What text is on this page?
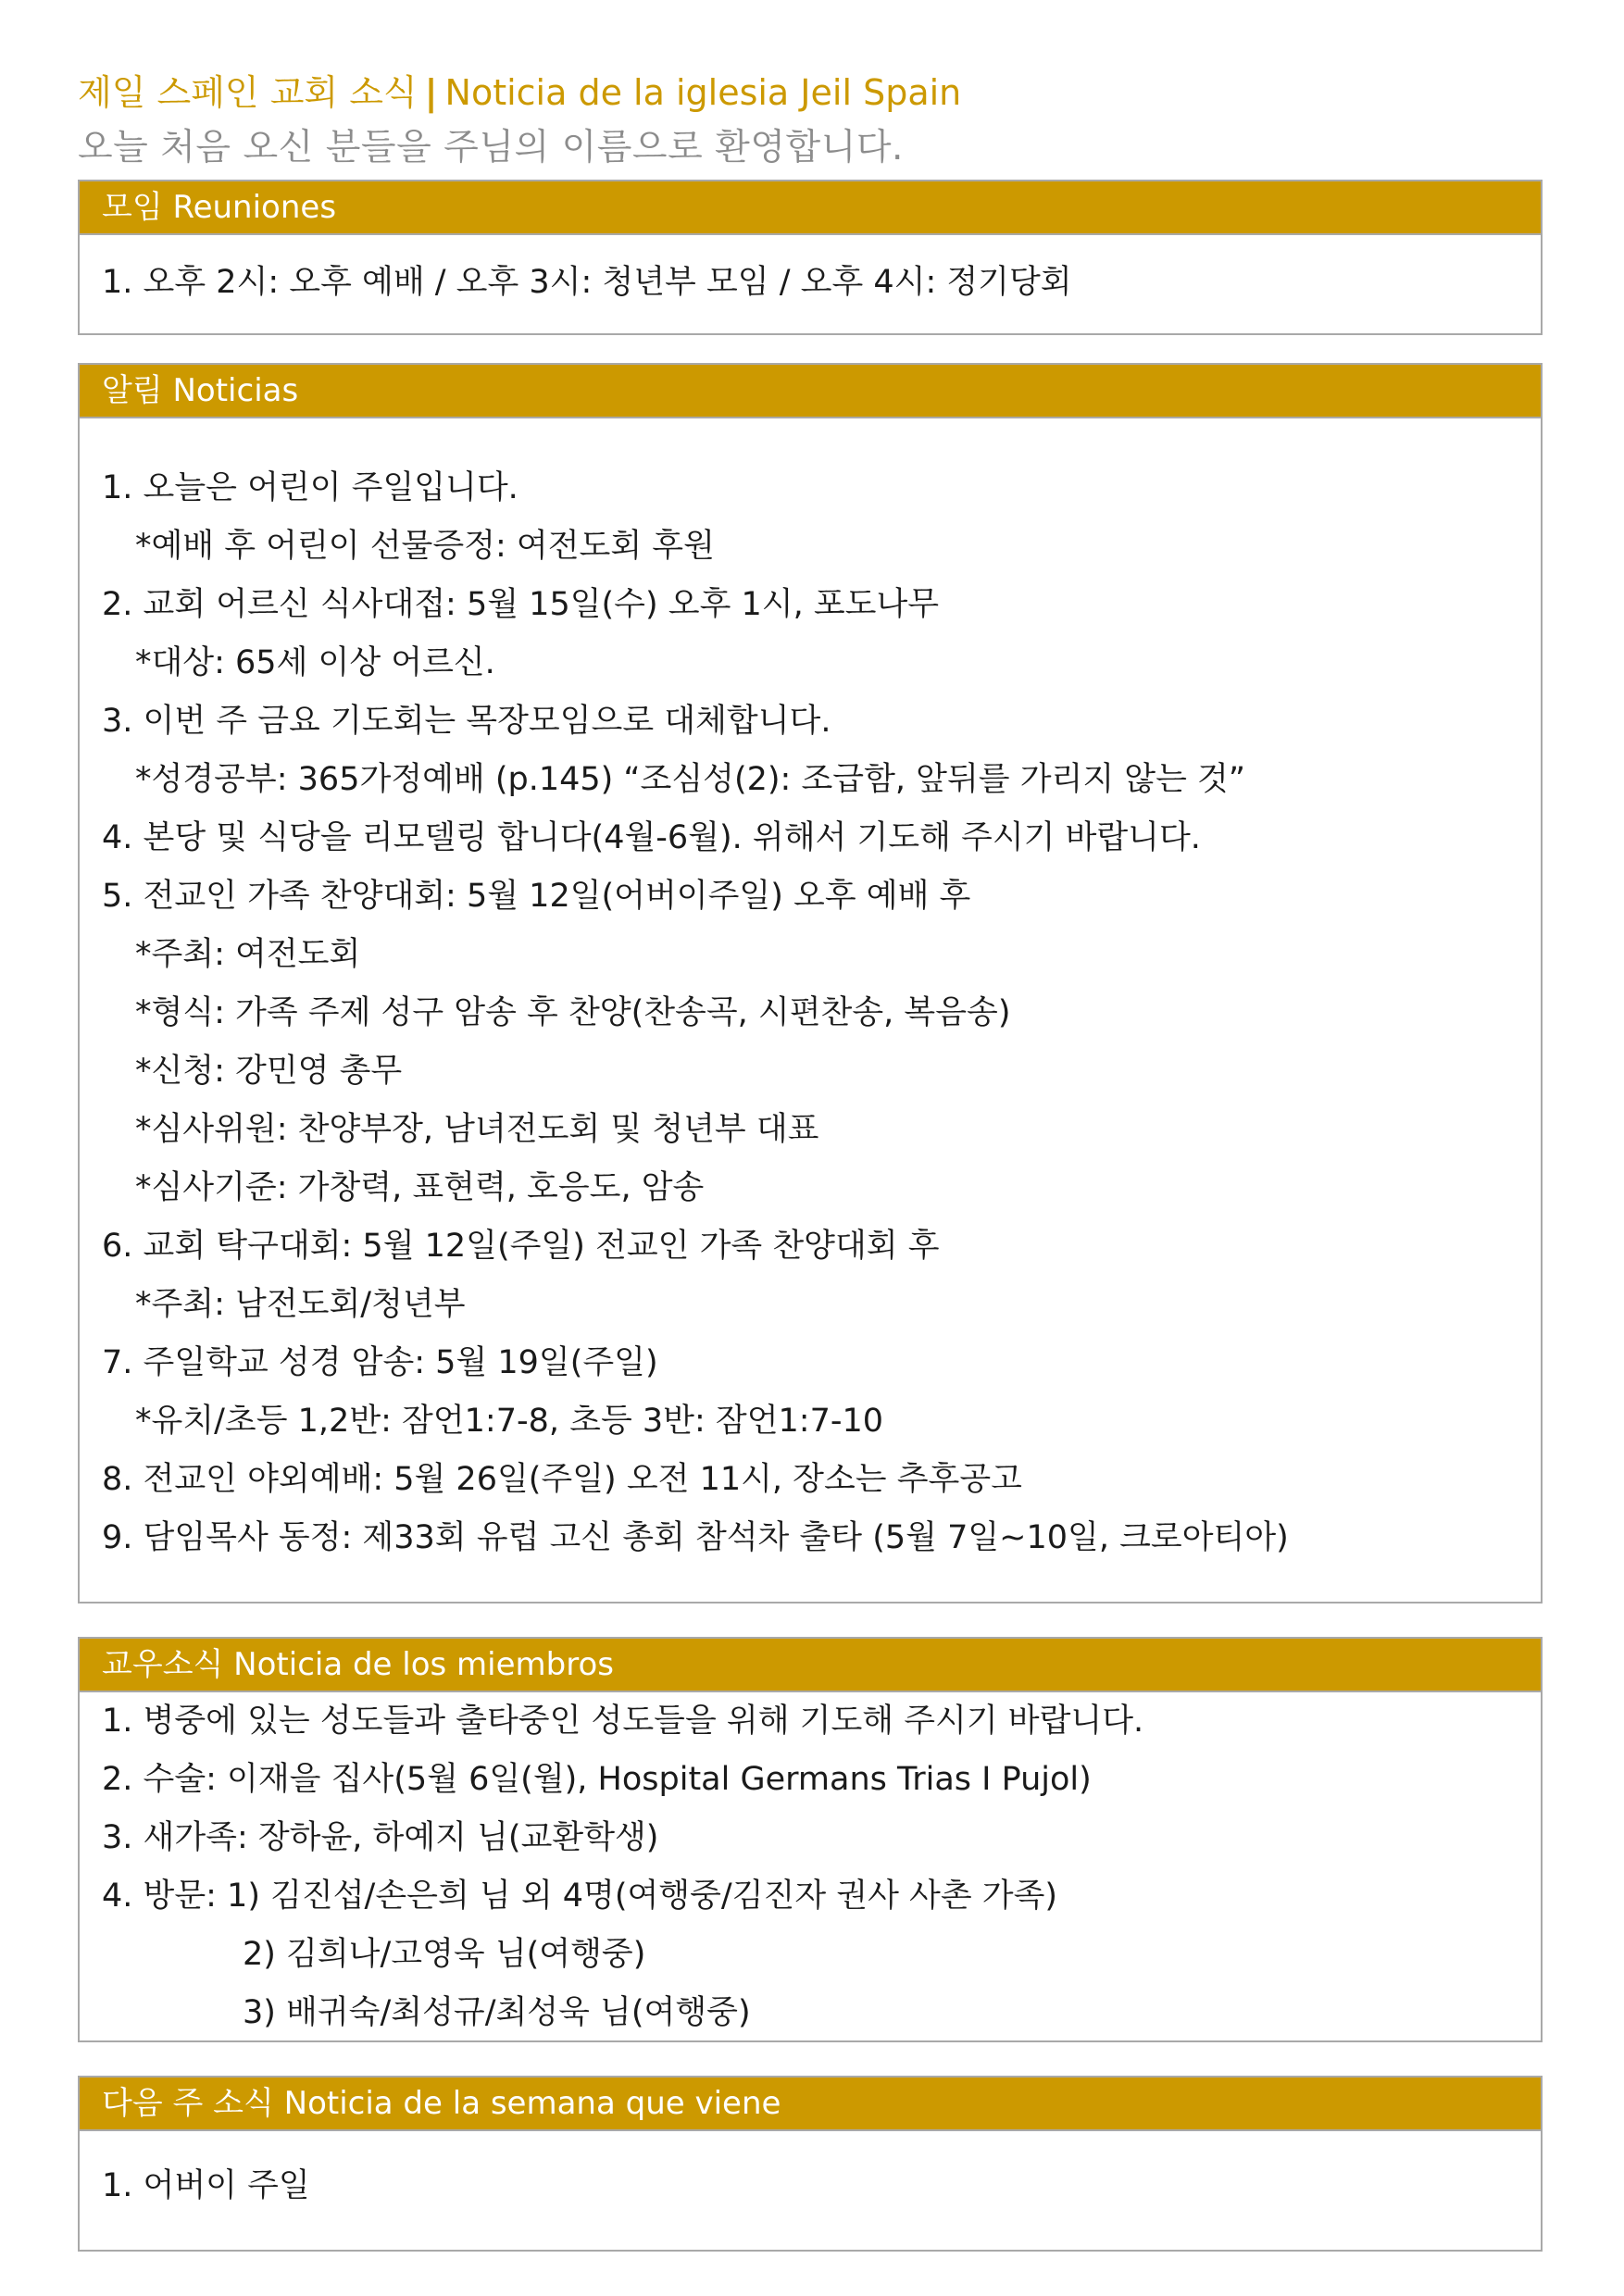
제일 스페인 교회 소식 | Noticia de la iglesia Jeil Spain
오늘 처음 오신 분들을 주님의 이름으로 환영합니다.
모임 Reuniones
1. 오후 2시: 오후 예배 / 오후 3시: 청년부 모임 / 오후 4시: 정기당회
알림 Noticias
1. 오늘은 어린이 주일입니다.
*예배 후 어린이 선물증정: 여전도회 후원
2. 교회 어르신 식사대접: 5월 15일(수) 오후 1시, 포도나무
*대상: 65세 이상 어르신.
3. 이번 주 금요 기도회는 목장모임으로 대체합니다.
*성경공부: 365가정예배 (p.145) “조심성(2): 조급함, 앞뒤를 가리지 않는 것”
4. 본당 및 식당을 리모델링 합니다(4월-6월). 위해서 기도해 주시기 바랍니다.
5. 전교인 가족 찬양대회: 5월 12일(어버이주일) 오후 예배 후
*주최: 여전도회
*형식: 가족 주제 성구 암송 후 찬양(찬송곡, 시편찬송, 복음송)
*신청: 강민영 총무
*심사위원: 찬양부장, 남녀전도회 및 청년부 대표
*심사기준: 가창력, 표현력, 호응도, 암송
6. 교회 탁구대회: 5월 12일(주일) 전교인 가족 찬양대회 후
*주최: 남전도회/청년부
7. 주일학교 성경 암송: 5월 19일(주일)
*유치/초등 1,2반: 잠언1:7-8, 초등 3반: 잠언1:7-10
8. 전교인 야외예배: 5월 26일(주일) 오전 11시, 장소는 추후공고
9. 담임목사 동정: 제33회 유럽 고신 총회 참석차 출타 (5월 7일~10일, 크로아티아)
교우소식 Noticia de los miembros
1. 병중에 있는 성도들과 출타중인 성도들을 위해 기도해 주시기 바랍니다.
2. 수술: 이재을 집사(5월 6일(월), Hospital Germans Trias I Pujol)
3. 새가족: 장하윤, 하예지 님(교환학생)
4. 방문: 1) 김진섭/손은희 님 외 4명(여행중/김진자 권사 사촌 가족)
2) 김희나/고영욱 님(여행중)
3) 배귀숙/최성규/최성욱 님(여행중)
다음 주 소식 Noticia de la semana que viene
1. 어버이 주일
